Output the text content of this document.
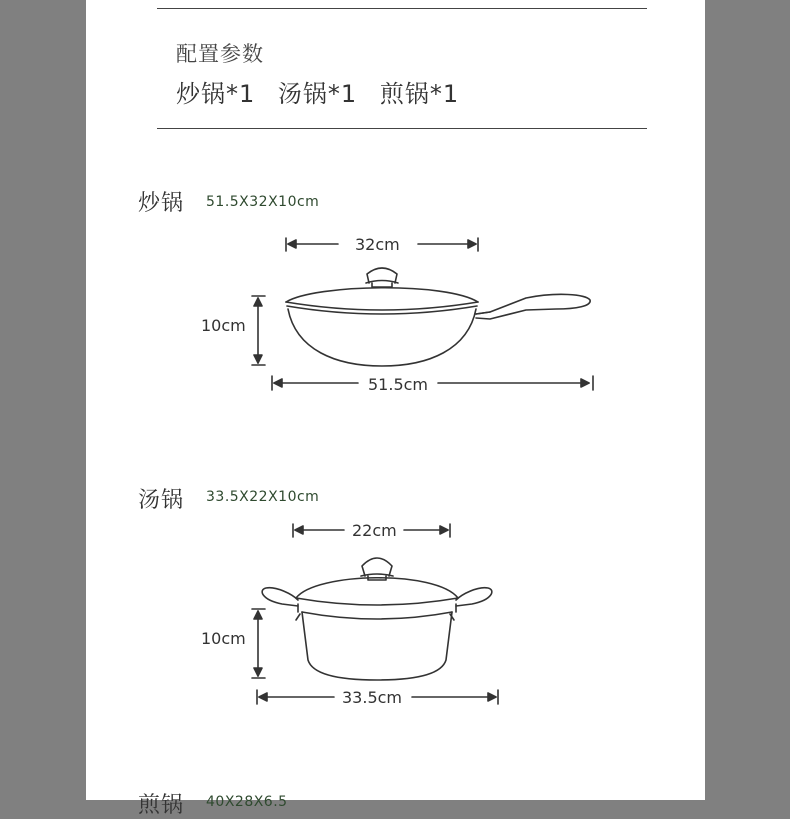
配置参数
炒锅*1 汤锅*1 煎锅*1
炒锅 51.5X32X10cm
32cm
10cm
51.5cm
汤锅 33.5X22X10cm
22cm
10cm
33.5cm
煎锅 40X28X6.5
